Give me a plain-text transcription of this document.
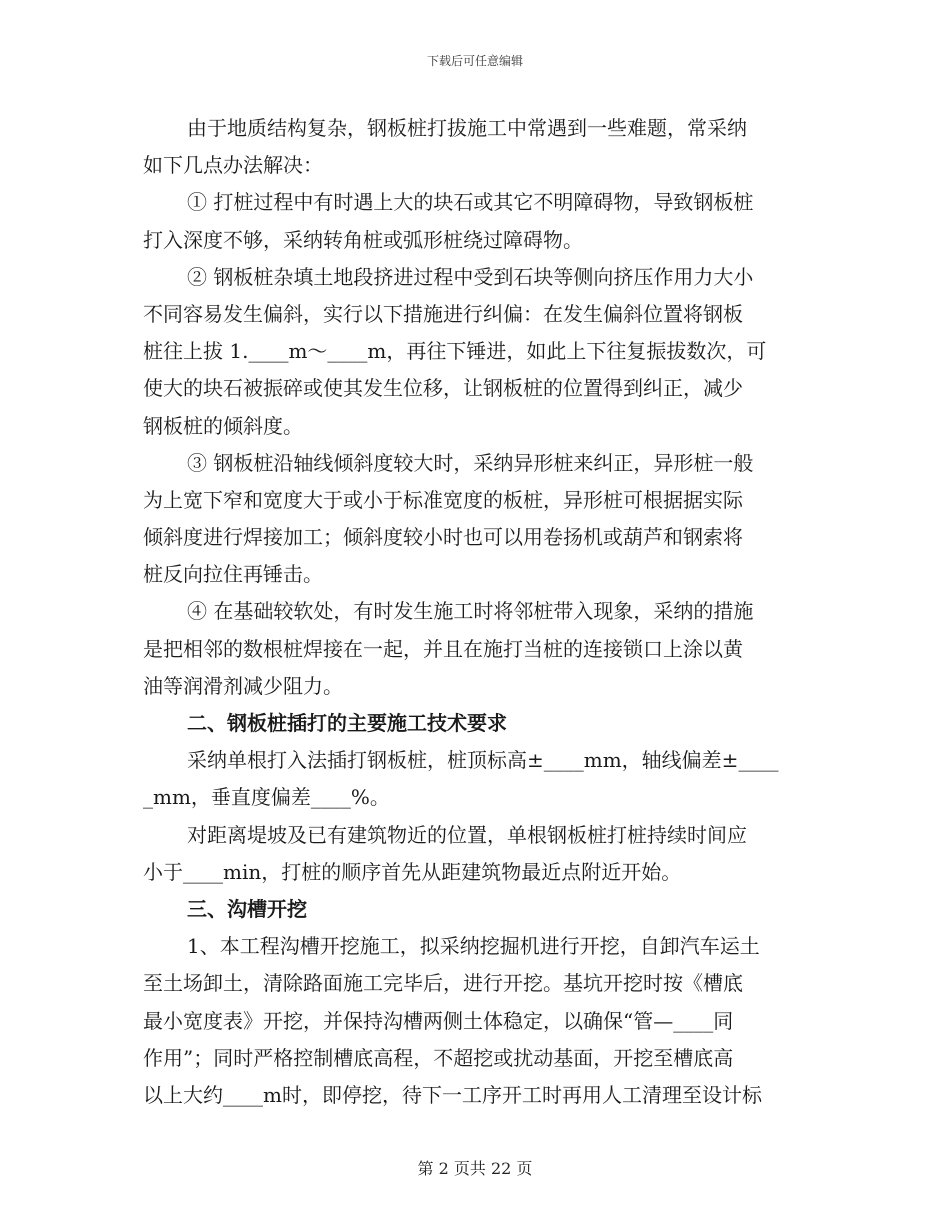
下载后可任意编辑
由于地质结构复杂，钢板桩打拔施工中常遇到一些难题，常采纳
如下几点办法解决：
① 打桩过程中有时遇上大的块石或其它不明障碍物，导致钢板桩
打入深度不够，采纳转角桩或弧形桩绕过障碍物。
② 钢板桩杂填土地段挤进过程中受到石块等侧向挤压作用力大小
不同容易发生偏斜，实行以下措施进行纠偏：在发生偏斜位置将钢板
桩往上拔 1.____m～____m，再往下锤进，如此上下往复振拔数次，可
使大的块石被振碎或使其发生位移，让钢板桩的位置得到纠正，减少
钢板桩的倾斜度。
③ 钢板桩沿轴线倾斜度较大时，采纳异形桩来纠正，异形桩一般
为上宽下窄和宽度大于或小于标准宽度的板桩，异形桩可根据据实际
倾斜度进行焊接加工；倾斜度较小时也可以用卷扬机或葫芦和钢索将
桩反向拉住再锤击。
④ 在基础较软处，有时发生施工时将邻桩带入现象，采纳的措施
是把相邻的数根桩焊接在一起，并且在施打当桩的连接锁口上涂以黄
油等润滑剂减少阻力。
二、钢板桩插打的主要施工技术要求
采纳单根打入法插打钢板桩，桩顶标高±____mm，轴线偏差±____
_mm，垂直度偏差____%。
对距离堤坡及已有建筑物近的位置，单根钢板桩打桩持续时间应
小于____min，打桩的顺序首先从距建筑物最近点附近开始。
三、沟槽开挖
1、本工程沟槽开挖施工，拟采纳挖掘机进行开挖，自卸汽车运土
至土场卸土，清除路面施工完毕后，进行开挖。基坑开挖时按《槽底
最小宽度表》开挖，并保持沟槽两侧土体稳定，以确保“管—____同
作用”；同时严格控制槽底高程，不超挖或扰动基面，开挖至槽底高
以上大约____m时，即停挖，待下一工序开工时再用人工清理至设计标
第 2 页共 22 页
